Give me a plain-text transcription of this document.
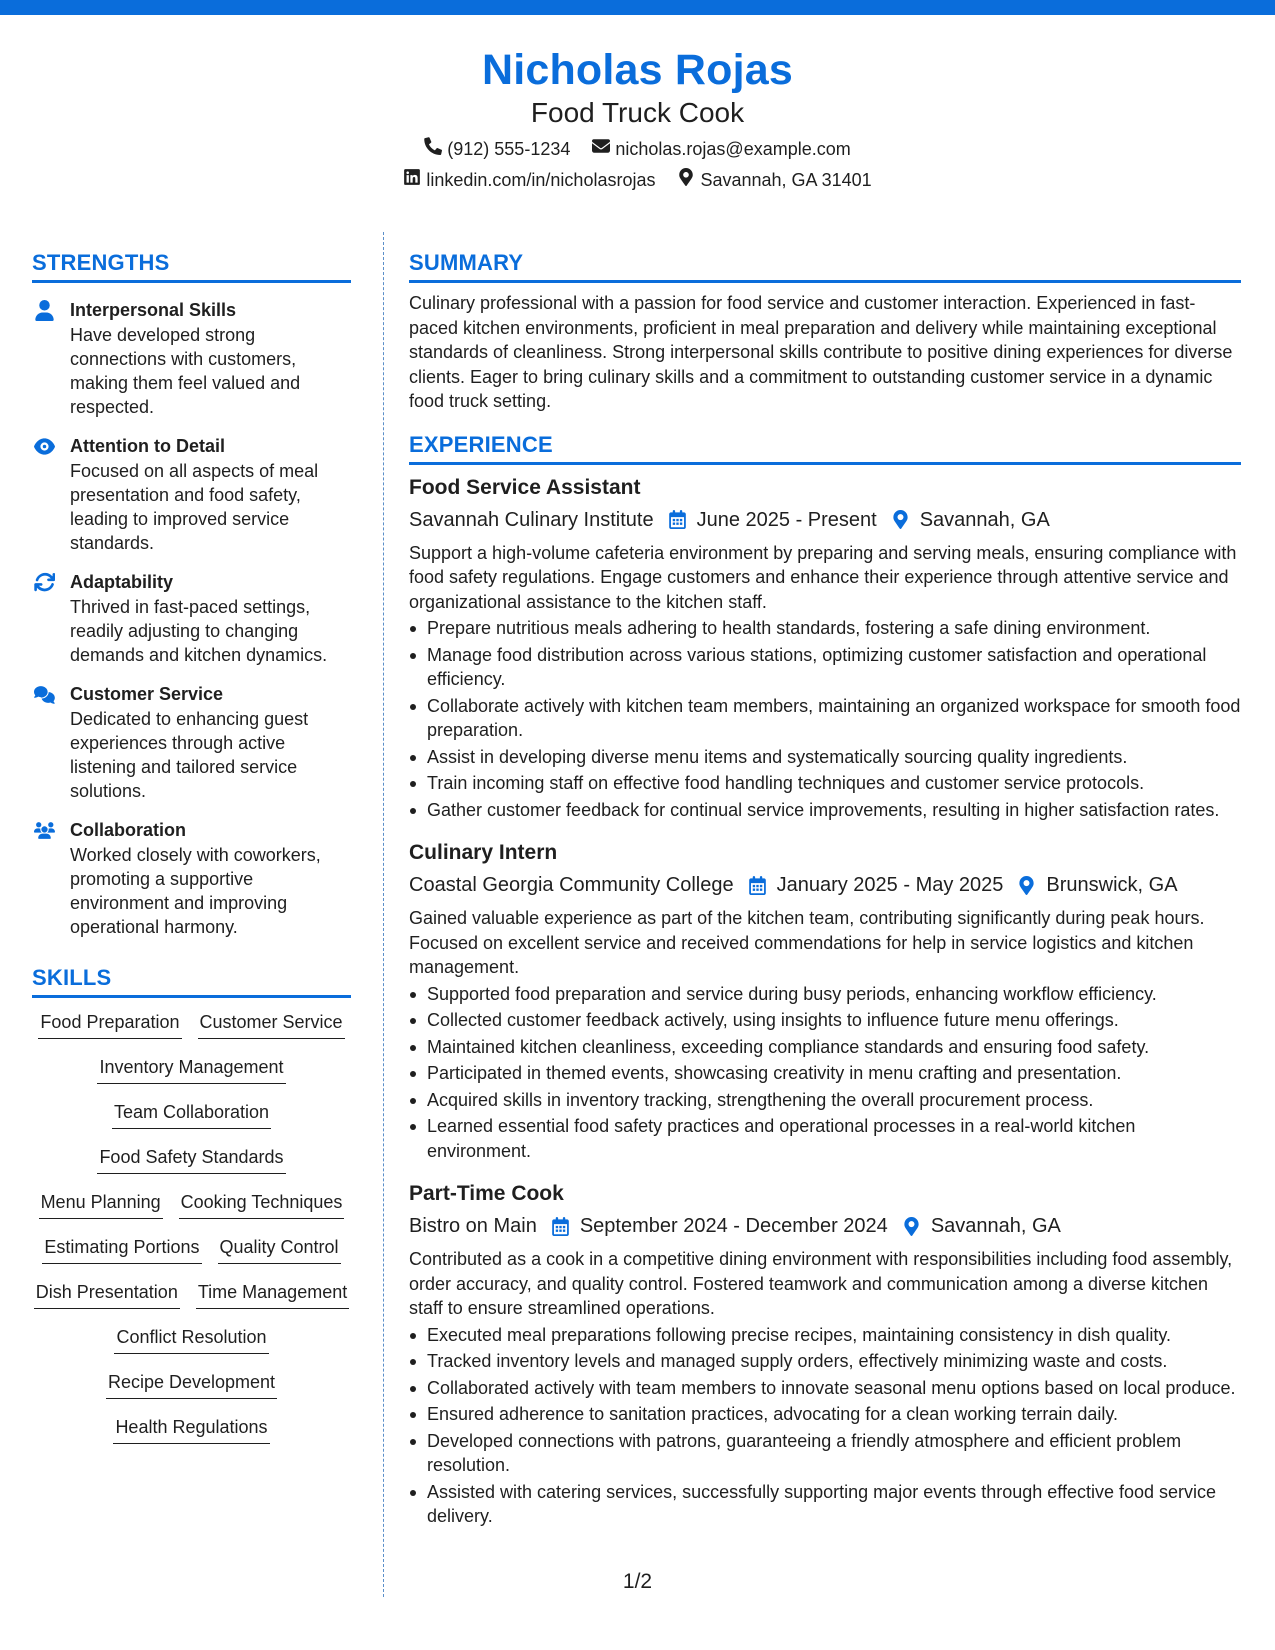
Nicholas Rojas
Food Truck Cook
(912) 555-1234	nicholas.rojas@example.com
linkedin.com/in/nicholasrojas	Savannah, GA 31401
STRENGTHS
Interpersonal Skills
Have developed strong connections with customers, making them feel valued and respected.
Attention to Detail
Focused on all aspects of meal presentation and food safety, leading to improved service standards.
Adaptability
Thrived in fast-paced settings, readily adjusting to changing demands and kitchen dynamics.
Customer Service
Dedicated to enhancing guest experiences through active listening and tailored service solutions.
Collaboration
Worked closely with coworkers, promoting a supportive environment and improving operational harmony.
SKILLS
Food Preparation Customer Service
Inventory Management
Team Collaboration
Food Safety Standards
Menu Planning Cooking Techniques
Estimating Portions Quality Control
Dish Presentation Time Management
Conflict Resolution
Recipe Development
Health Regulations
SUMMARY

Culinary professional with a passion for food service and customer interaction. Experienced in fast-paced kitchen environments, proficient in meal preparation and delivery while maintaining exceptional standards of cleanliness. Strong interpersonal skills contribute to positive dining experiences for diverse clients. Eager to bring culinary skills and a commitment to outstanding customer service in a dynamic food truck setting.

EXPERIENCE
Food Service Assistant
Savannah Culinary Institute June 2025 - Present Savannah, GA

Support a high-volume cafeteria environment by preparing and serving meals, ensuring compliance with food safety regulations. Engage customers and enhance their experience through attentive service and organizational assistance to the kitchen staff.

Prepare nutritious meals adhering to health standards, fostering a safe dining environment.
Manage food distribution across various stations, optimizing customer satisfaction and operational efficiency.
Collaborate actively with kitchen team members, maintaining an organized workspace for smooth food preparation.
Assist in developing diverse menu items and systematically sourcing quality ingredients.
Train incoming staff on effective food handling techniques and customer service protocols.
Gather customer feedback for continual service improvements, resulting in higher satisfaction rates.
Culinary Intern
Coastal Georgia Community College January 2025 - May 2025 Brunswick, GA

Gained valuable experience as part of the kitchen team, contributing significantly during peak hours. Focused on excellent service and received commendations for help in service logistics and kitchen management.

Supported food preparation and service during busy periods, enhancing workflow efficiency.
Collected customer feedback actively, using insights to influence future menu offerings.
Maintained kitchen cleanliness, exceeding compliance standards and ensuring food safety.
Participated in themed events, showcasing creativity in menu crafting and presentation.
Acquired skills in inventory tracking, strengthening the overall procurement process.
Learned essential food safety practices and operational processes in a real-world kitchen environment.
Part-Time Cook
Bistro on Main September 2024 - December 2024 Savannah, GA

Contributed as a cook in a competitive dining environment with responsibilities including food assembly, order accuracy, and quality control. Fostered teamwork and communication among a diverse kitchen staff to ensure streamlined operations.

Executed meal preparations following precise recipes, maintaining consistency in dish quality.
Tracked inventory levels and managed supply orders, effectively minimizing waste and costs.
Collaborated actively with team members to innovate seasonal menu options based on local produce.
Ensured adherence to sanitation practices, advocating for a clean working terrain daily.
Developed connections with patrons, guaranteeing a friendly atmosphere and efficient problem resolution.
Assisted with catering services, successfully supporting major events through effective food service delivery.
1/2
